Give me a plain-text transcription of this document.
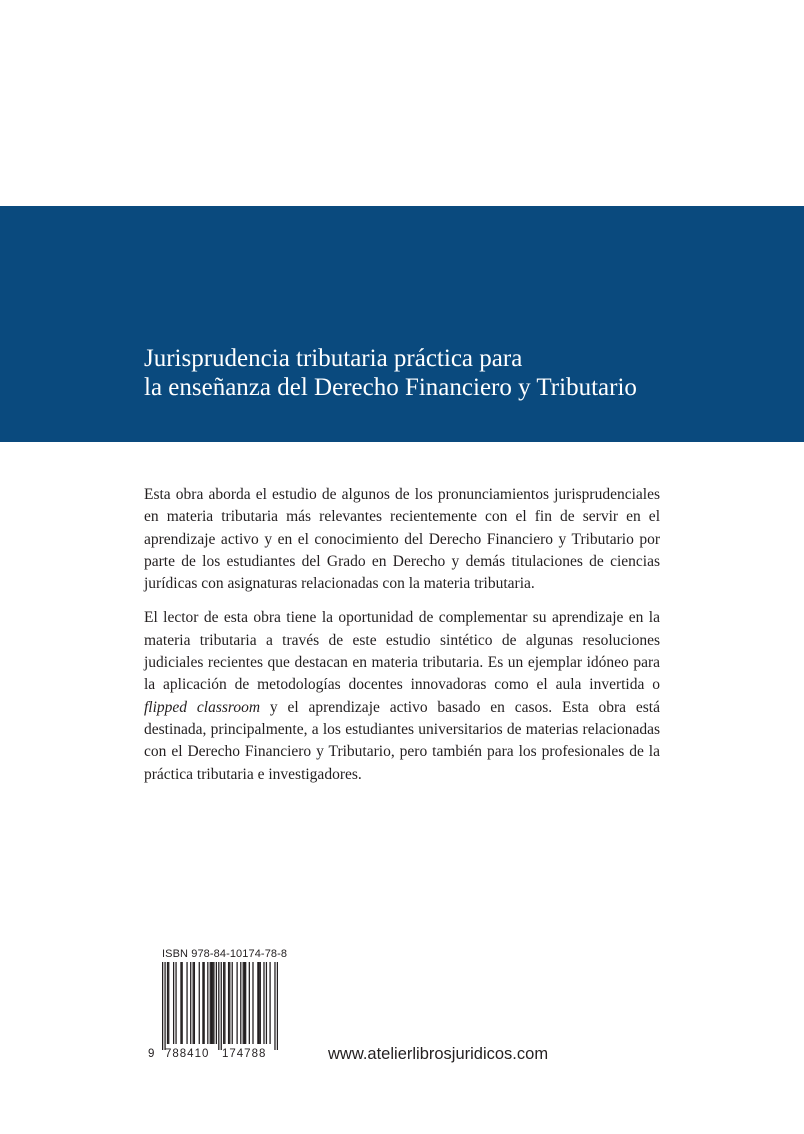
Jurisprudencia tributaria práctica para
la enseñanza del Derecho Financiero y Tributario

Esta obra aborda el estudio de algunos de los pronunciamientos jurisprudenciales en materia tributaria más relevantes recientemente con el fin de servir en el aprendizaje activo y en el conocimiento del Derecho Financiero y Tributario por parte de los estudiantes del Grado en Derecho y demás titulaciones de ciencias jurídicas con asignaturas relacionadas con la materia tributaria.

El lector de esta obra tiene la oportunidad de complementar su aprendizaje en la materia tributaria a través de este estudio sintético de algunas resoluciones judiciales recientes que destacan en materia tributaria. Es un ejemplar idóneo para la aplicación de metodologías docentes innovadoras como el aula invertida o flipped classroom y el aprendizaje activo basado en casos. Esta obra está destinada, principalmente, a los estudiantes universitarios de materias relacionadas con el Derecho Financiero y Tributario, pero también para los profesionales de la práctica tributaria e investigadores.

ISBN 978-84-10174-78-8
9 788410 174788	www.atelierlibrosjuridicos.com
